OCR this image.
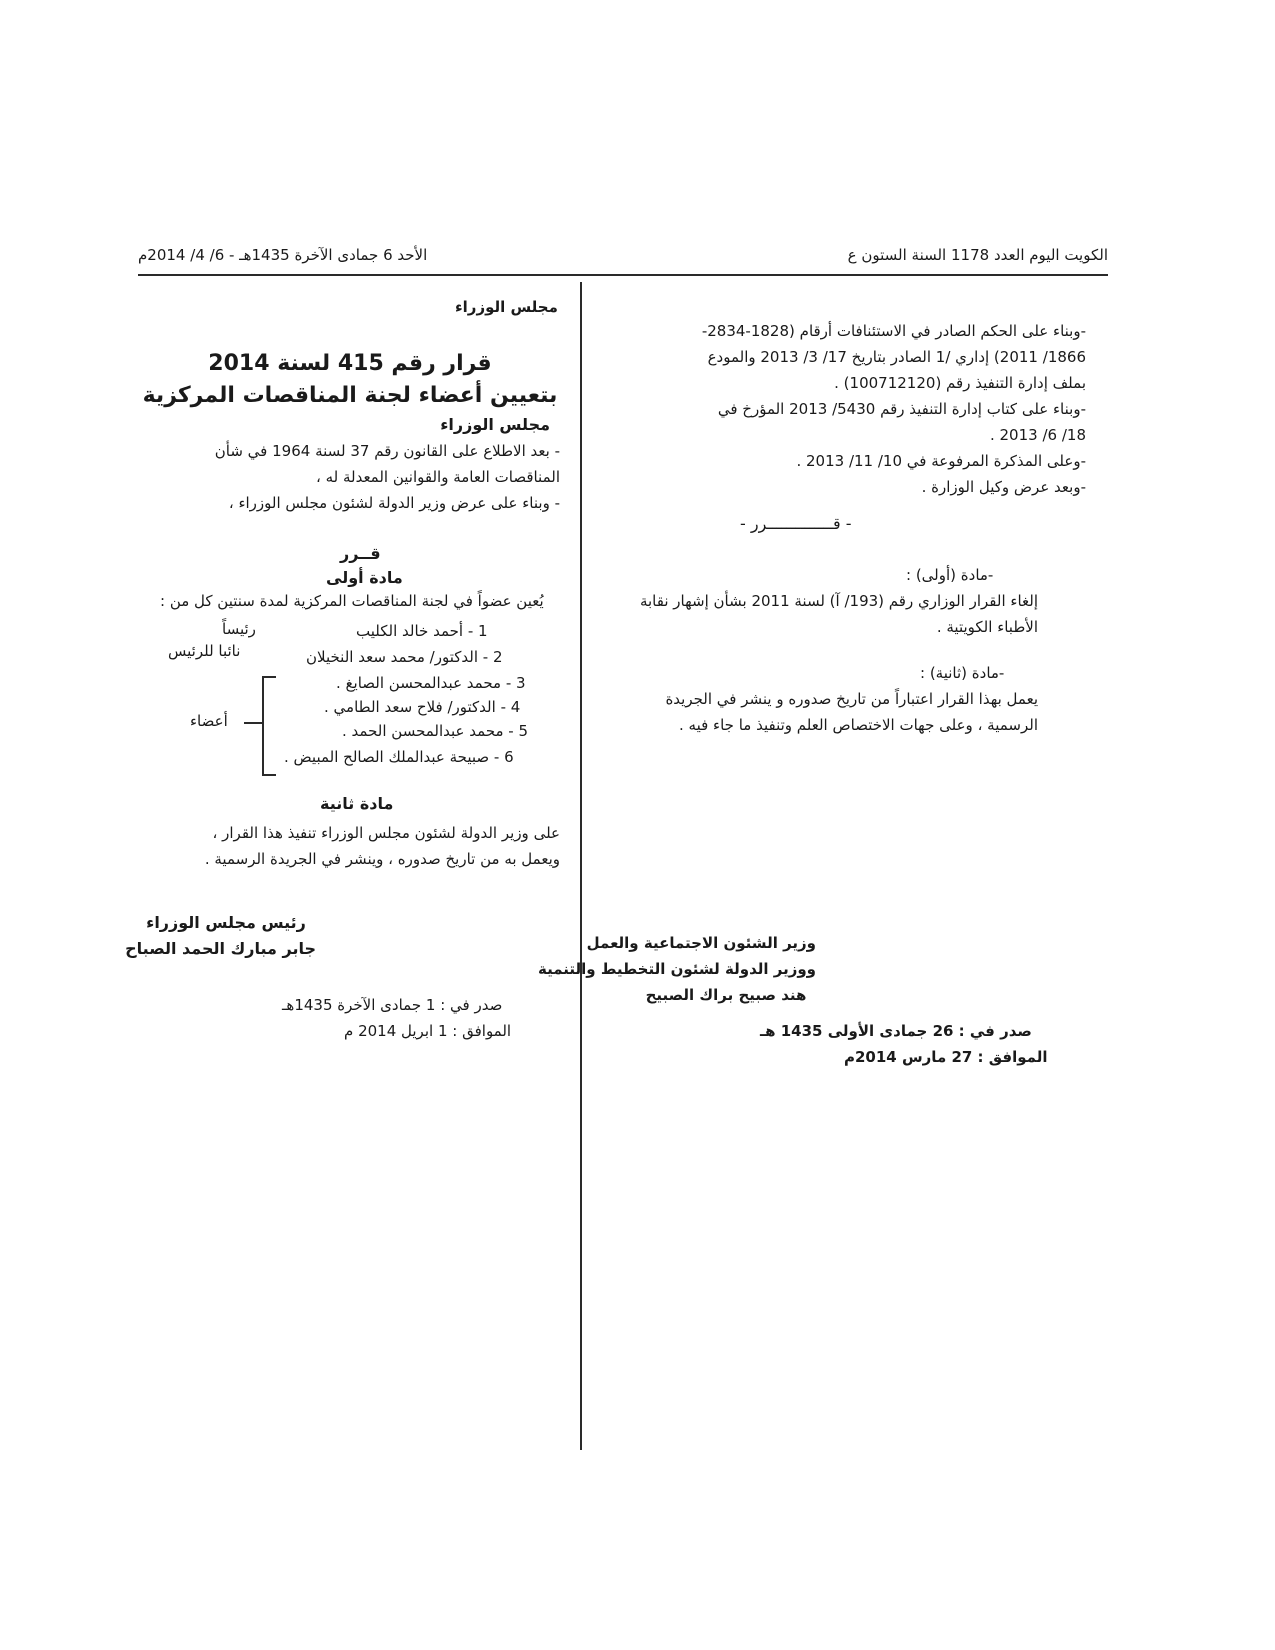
الكويت اليوم العدد 1178 السنة الستون ع
الأحد 6 جمادى الآخرة 1435هـ - 6/ 4/ 2014م

-وبناء على الحكم الصادر في الاستئنافات أرقام (1828-2834-

1866/ 2011) إداري /1 الصادر بتاريخ 17/ 3/ 2013 والمودع

بملف إدارة التنفيذ رقم (100712120) .

-وبناء على كتاب إدارة التنفيذ رقم 5430/ 2013 المؤرخ في

18/ 6/ 2013 .

-وعلى المذكرة المرفوعة في 10/ 11/ 2013 .

-وبعد عرض وكيل الوزارة .

- قــــــــــــــرر -
-مادة (أولى) :

إلغاء القرار الوزاري رقم (193/ آ) لسنة 2011 بشأن إشهار نقابة

الأطباء الكويتية .

-مادة (ثانية) :

يعمل بهذا القرار اعتباراً من تاريخ صدوره و ينشر في الجريدة

الرسمية ، وعلى جهات الاختصاص العلم وتنفيذ ما جاء فيه .

وزير الشئون الاجتماعية والعمل

ووزير الدولة لشئون التخطيط والتنمية

هند صبيح براك الصبيح

صدر في : 26 جمادى الأولى 1435 هـ
الموافق : 27 مارس 2014م
مجلس الوزراء

قرار رقم 415 لسنة 2014

بتعيين أعضاء لجنة المناقصات المركزية

مجلس الوزراء

- بعد الاطلاع على القانون رقم 37 لسنة 1964 في شأن

المناقصات العامة والقوانين المعدلة له ،

- وبناء على عرض وزير الدولة لشئون مجلس الوزراء ،

قــرر
مادة أولى
يُعين عضواً في لجنة المناقصات المركزية لمدة سنتين كل من :
1 - أحمد خالد الكليب
رئيساً
2 - الدكتور/ محمد سعد النخيلان
نائبا للرئيس
3 - محمد عبدالمحسن الصايغ .
4 - الدكتور/ فلاح سعد الطامي .
5 - محمد عبدالمحسن الحمد .
6 - صبيحة عبدالملك الصالح المبيض .
أعضاء
مادة ثانية

على وزير الدولة لشئون مجلس الوزراء تنفيذ هذا القرار ،

ويعمل به من تاريخ صدوره ، وينشر في الجريدة الرسمية .

رئيس مجلس الوزراء

جابر مبارك الحمد الصباح

صدر في : 1 جمادى الآخرة 1435هـ
الموافق : 1 ابريل 2014 م
